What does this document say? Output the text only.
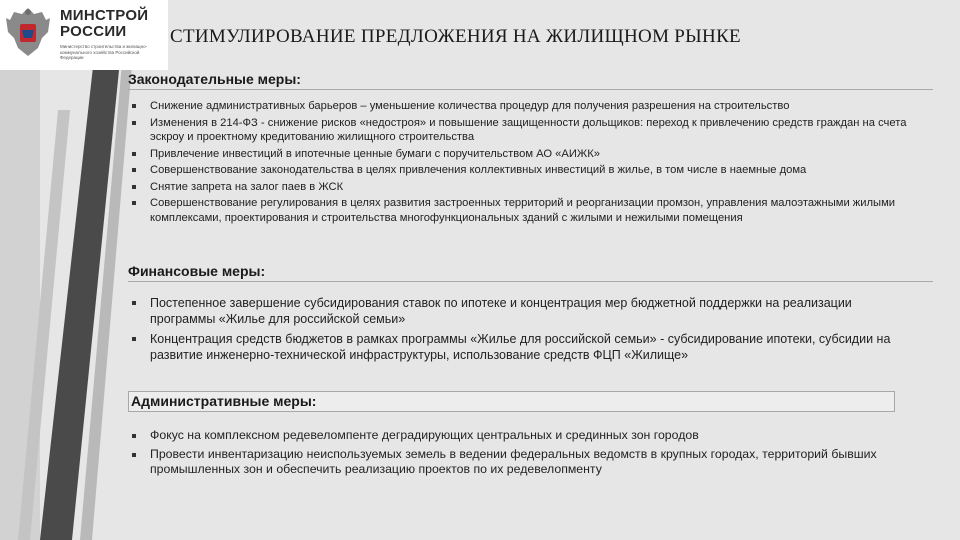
МИНСТРОЙ
РОССИИ
Министерство строительства и жилищно-коммунального хозяйства Российской Федерации
СТИМУЛИРОВАНИЕ ПРЕДЛОЖЕНИЯ НА ЖИЛИЩНОМ РЫНКЕ
Законодательные меры:
Снижение административных барьеров – уменьшение количества процедур для получения разрешения на строительство
Изменения в 214-ФЗ - снижение рисков «недостроя» и повышение защищенности дольщиков: переход к привлечению средств граждан на счета эскроу и проектному кредитованию жилищного строительства
Привлечение инвестиций в ипотечные ценные бумаги с поручительством АО «АИЖК»
Совершенствование законодательства в целях привлечения коллективных инвестиций в жилье, в том числе в наемные дома
Снятие запрета на залог паев в ЖСК
Совершенствование регулирования в целях развития застроенных территорий и реорганизации промзон, управления малоэтажными жилыми комплексами, проектирования и строительства многофункциональных зданий с жилыми и нежилыми помещения
Финансовые меры:
Постепенное завершение субсидирования ставок по ипотеке и концентрация мер бюджетной поддержки на реализации программы «Жилье для российской семьи»
Концентрация средств бюджетов в рамках программы «Жилье для российской семьи» - субсидирование ипотеки, субсидии на развитие инженерно-технической инфраструктуры, использование средств ФЦП «Жилище»
Административные меры:
Фокус на комплексном редевеломпенте деградирующих центральных и срединных зон городов
Провести инвентаризацию неиспользуемых земель в ведении федеральных ведомств в крупных городах, территорий бывших промышленных зон и обеспечить реализацию проектов по их редевелопменту
